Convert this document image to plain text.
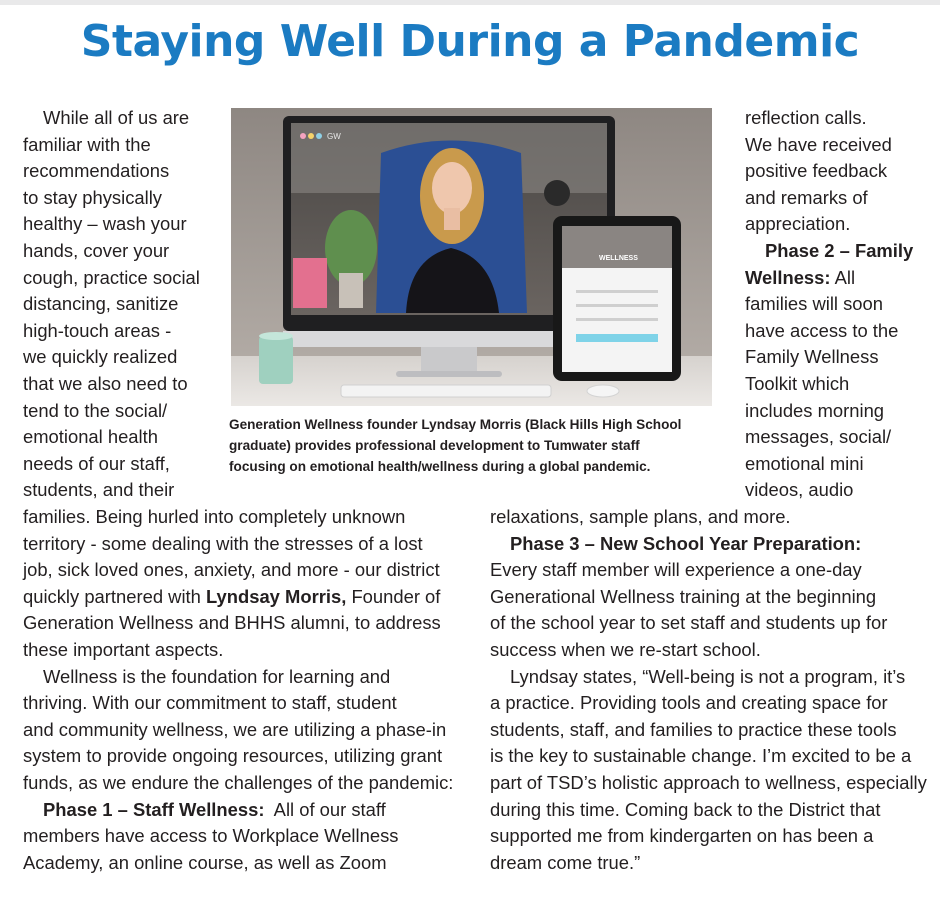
Staying Well During a Pandemic

While all of us are

familiar with the

recommendations

to stay physically

healthy – wash your

hands, cover your

cough, practice social

distancing, sanitize

high-touch areas -

we quickly realized

that we also need to

tend to the social/

emotional health

needs of our staff,

students, and their

families. Being hurled into completely unknown

territory - some dealing with the stresses of a lost

job, sick loved ones, anxiety, and more - our district

quickly partnered with Lyndsay Morris, Founder of

Generation Wellness and BHHS alumni, to address

these important aspects.

Wellness is the foundation for learning and

thriving. With our commitment to staff, student

and community wellness, we are utilizing a phase-in

system to provide ongoing resources, utilizing grant

funds, as we endure the challenges of the pandemic:

Phase 1 – Staff Wellness:  All of our staff

members have access to Workplace Wellness

Academy, an online course, as well as Zoom

GW
WELLNESS

Generation Wellness founder Lyndsay Morris (Black Hills High School

graduate) provides professional development to Tumwater staff

focusing on emotional health/wellness during a global pandemic.

reflection calls.

We have received

positive feedback

and remarks of

appreciation.

Phase 2 – Family

Wellness: All

families will soon

have access to the

Family Wellness

Toolkit which

includes morning

messages, social/

emotional mini

videos, audio

relaxations, sample plans, and more.

Phase 3 – New School Year Preparation:

Every staff member will experience a one-day

Generational Wellness training at the beginning

of the school year to set staff and students up for

success when we re-start school.

Lyndsay states, “Well-being is not a program, it’s

a practice. Providing tools and creating space for

students, staff, and families to practice these tools

is the key to sustainable change. I’m excited to be a

part of TSD’s holistic approach to wellness, especially

during this time. Coming back to the District that

supported me from kindergarten on has been a

dream come true.”
